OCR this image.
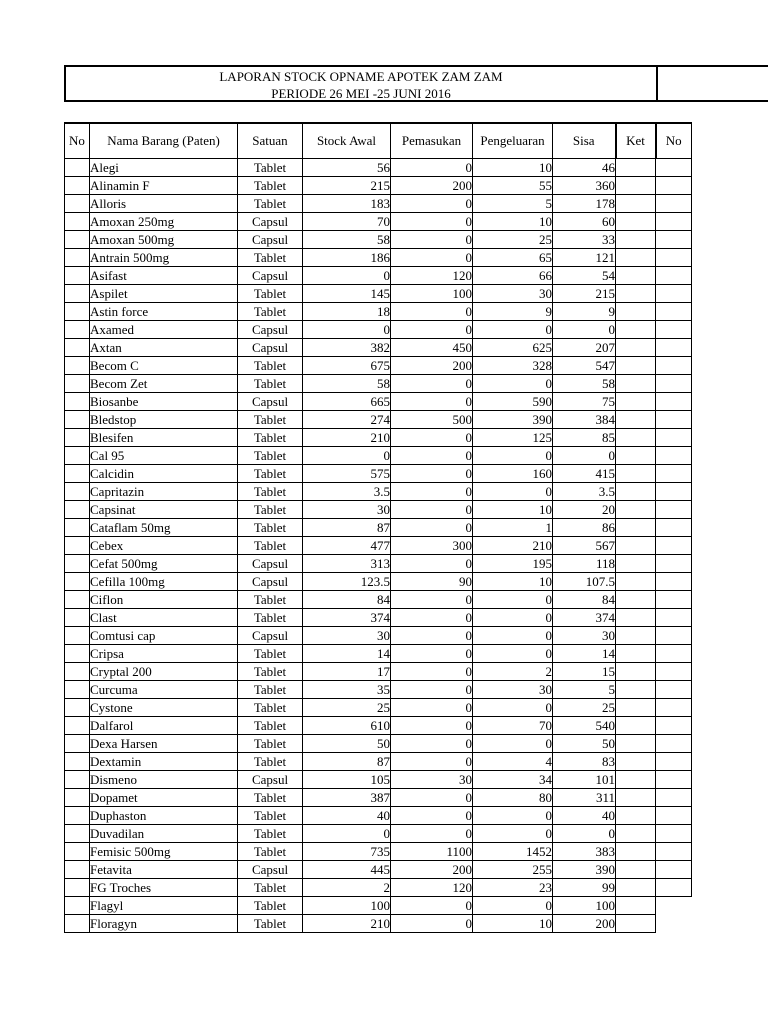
LAPORAN STOCK OPNAME APOTEK ZAM ZAM
PERIODE 26 MEI -25 JUNI 2016
No	Nama Barang (Paten)	Satuan	Stock Awal	Pemasukan	Pengeluaran	Sisa	Ket	No
	Alegi	Tablet	56	0	10	46		
	Alinamin F	Tablet	215	200	55	360		
	Alloris	Tablet	183	0	5	178		
	Amoxan 250mg	Capsul	70	0	10	60		
	Amoxan 500mg	Capsul	58	0	25	33		
	Antrain 500mg	Tablet	186	0	65	121		
	Asifast	Capsul	0	120	66	54		
	Aspilet	Tablet	145	100	30	215		
	Astin force	Tablet	18	0	9	9		
	Axamed	Capsul	0	0	0	0		
	Axtan	Capsul	382	450	625	207		
	Becom C	Tablet	675	200	328	547		
	Becom Zet	Tablet	58	0	0	58		
	Biosanbe	Capsul	665	0	590	75		
	Bledstop	Tablet	274	500	390	384		
	Blesifen	Tablet	210	0	125	85		
	Cal 95	Tablet	0	0	0	0		
	Calcidin	Tablet	575	0	160	415		
	Capritazin	Tablet	3.5	0	0	3.5		
	Capsinat	Tablet	30	0	10	20		
	Cataflam 50mg	Tablet	87	0	1	86		
	Cebex	Tablet	477	300	210	567		
	Cefat 500mg	Capsul	313	0	195	118		
	Cefilla 100mg	Capsul	123.5	90	10	107.5		
	Ciflon	Tablet	84	0	0	84		
	Clast	Tablet	374	0	0	374		
	Comtusi cap	Capsul	30	0	0	30		
	Cripsa	Tablet	14	0	0	14		
	Cryptal 200	Tablet	17	0	2	15		
	Curcuma	Tablet	35	0	30	5		
	Cystone	Tablet	25	0	0	25		
	Dalfarol	Tablet	610	0	70	540		
	Dexa Harsen	Tablet	50	0	0	50		
	Dextamin	Tablet	87	0	4	83		
	Dismeno	Capsul	105	30	34	101		
	Dopamet	Tablet	387	0	80	311		
	Duphaston	Tablet	40	0	0	40		
	Duvadilan	Tablet	0	0	0	0		
	Femisic 500mg	Tablet	735	1100	1452	383		
	Fetavita	Capsul	445	200	255	390		
	FG Troches	Tablet	2	120	23	99		
	Flagyl	Tablet	100	0	0	100		
	Floragyn	Tablet	210	0	10	200		
